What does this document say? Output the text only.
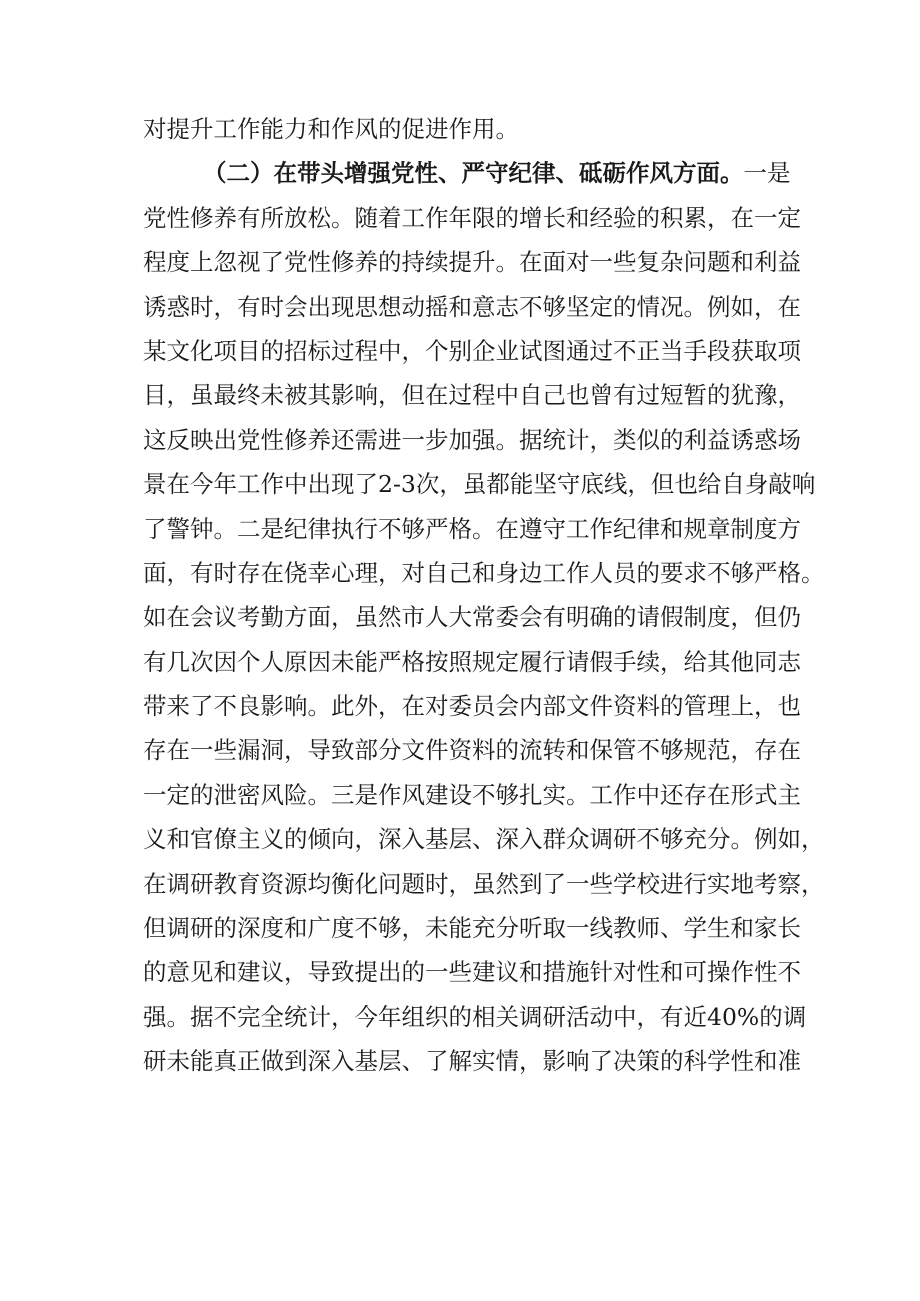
对提升工作能力和作风的促进作用。
（二）在带头增强党性、严守纪律、砥砺作风方面。一是
党性修养有所放松。随着工作年限的增长和经验的积累，在一定
程度上忽视了党性修养的持续提升。在面对一些复杂问题和利益
诱惑时，有时会出现思想动摇和意志不够坚定的情况。例如，在
某文化项目的招标过程中，个别企业试图通过不正当手段获取项
目，虽最终未被其影响，但在过程中自己也曾有过短暂的犹豫，
这反映出党性修养还需进一步加强。据统计，类似的利益诱惑场
景在今年工作中出现了2-3次，虽都能坚守底线，但也给自身敲响
了警钟。二是纪律执行不够严格。在遵守工作纪律和规章制度方
面，有时存在侥幸心理，对自己和身边工作人员的要求不够严格。
如在会议考勤方面，虽然市人大常委会有明确的请假制度，但仍
有几次因个人原因未能严格按照规定履行请假手续，给其他同志
带来了不良影响。此外，在对委员会内部文件资料的管理上，也
存在一些漏洞，导致部分文件资料的流转和保管不够规范，存在
一定的泄密风险。三是作风建设不够扎实。工作中还存在形式主
义和官僚主义的倾向，深入基层、深入群众调研不够充分。例如，
在调研教育资源均衡化问题时，虽然到了一些学校进行实地考察，
但调研的深度和广度不够，未能充分听取一线教师、学生和家长
的意见和建议，导致提出的一些建议和措施针对性和可操作性不
强。据不完全统计，今年组织的相关调研活动中，有近40%的调
研未能真正做到深入基层、了解实情，影响了决策的科学性和准
